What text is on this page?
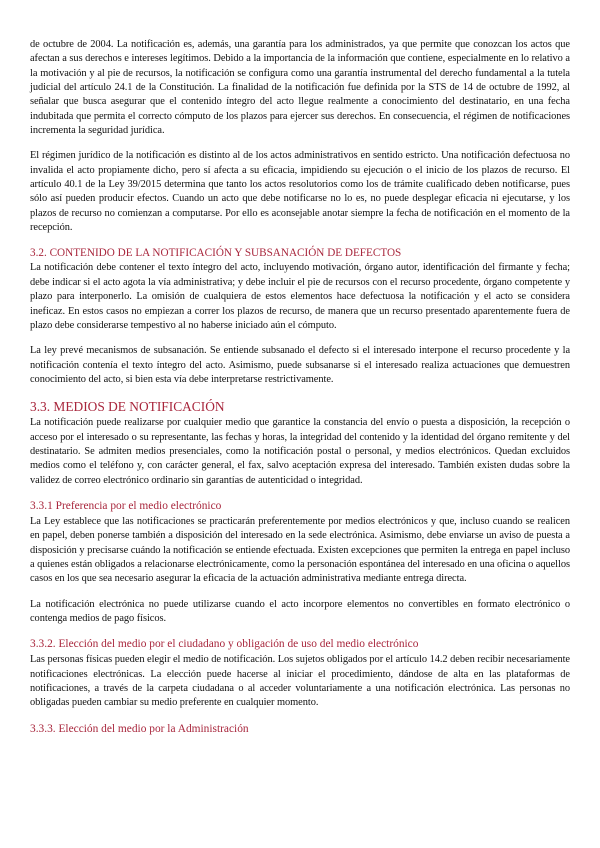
de octubre de 2004. La notificación es, además, una garantía para los administrados, ya que permite que conozcan los actos que afectan a sus derechos e intereses legítimos. Debido a la importancia de la información que contiene, especialmente en lo relativo a la motivación y al pie de recursos, la notificación se configura como una garantía instrumental del derecho fundamental a la tutela judicial del artículo 24.1 de la Constitución. La finalidad de la notificación fue definida por la STS de 14 de octubre de 1992, al señalar que busca asegurar que el contenido íntegro del acto llegue realmente a conocimiento del destinatario, en una fecha indubitada que permita el correcto cómputo de los plazos para ejercer sus derechos. En consecuencia, el régimen de notificaciones incrementa la seguridad jurídica.

El régimen jurídico de la notificación es distinto al de los actos administrativos en sentido estricto. Una notificación defectuosa no invalida el acto propiamente dicho, pero sí afecta a su eficacia, impidiendo su ejecución o el inicio de los plazos de recurso. El artículo 40.1 de la Ley 39/2015 determina que tanto los actos resolutorios como los de trámite cualificado deben notificarse, pues sólo así pueden producir efectos. Cuando un acto que debe notificarse no lo es, no puede desplegar eficacia ni ejecutarse, y los plazos de recurso no comienzan a computarse. Por ello es aconsejable anotar siempre la fecha de notificación en el momento de la recepción.

3.2. CONTENIDO DE LA NOTIFICACIÓN Y SUBSANACIÓN DE DEFECTOS

La notificación debe contener el texto íntegro del acto, incluyendo motivación, órgano autor, identificación del firmante y fecha; debe indicar si el acto agota la vía administrativa; y debe incluir el pie de recursos con el recurso procedente, órgano competente y plazo para interponerlo. La omisión de cualquiera de estos elementos hace defectuosa la notificación y el acto se considera ineficaz. En estos casos no empiezan a correr los plazos de recurso, de manera que un recurso presentado aparentemente fuera de plazo debe considerarse tempestivo al no haberse iniciado aún el cómputo.

La ley prevé mecanismos de subsanación. Se entiende subsanado el defecto si el interesado interpone el recurso procedente y la notificación contenía el texto íntegro del acto. Asimismo, puede subsanarse si el interesado realiza actuaciones que demuestren conocimiento del acto, si bien esta vía debe interpretarse restrictivamente.

3.3. MEDIOS DE NOTIFICACIÓN

La notificación puede realizarse por cualquier medio que garantice la constancia del envío o puesta a disposición, la recepción o acceso por el interesado o su representante, las fechas y horas, la integridad del contenido y la identidad del órgano remitente y del destinatario. Se admiten medios presenciales, como la notificación postal o personal, y medios electrónicos. Quedan excluidos medios como el teléfono y, con carácter general, el fax, salvo aceptación expresa del interesado. También existen dudas sobre la validez de correo electrónico ordinario sin garantías de autenticidad o integridad.

3.3.1 Preferencia por el medio electrónico

La Ley establece que las notificaciones se practicarán preferentemente por medios electrónicos y que, incluso cuando se realicen en papel, deben ponerse también a disposición del interesado en la sede electrónica. Asimismo, debe enviarse un aviso de puesta a disposición y precisarse cuándo la notificación se entiende efectuada. Existen excepciones que permiten la entrega en papel incluso a quienes están obligados a relacionarse electrónicamente, como la personación espontánea del interesado en una oficina o aquellos casos en los que sea necesario asegurar la eficacia de la actuación administrativa mediante entrega directa.

La notificación electrónica no puede utilizarse cuando el acto incorpore elementos no convertibles en formato electrónico o contenga medios de pago físicos.

3.3.2. Elección del medio por el ciudadano y obligación de uso del medio electrónico

Las personas físicas pueden elegir el medio de notificación. Los sujetos obligados por el artículo 14.2 deben recibir necesariamente notificaciones electrónicas. La elección puede hacerse al iniciar el procedimiento, dándose de alta en las plataformas de notificaciones, a través de la carpeta ciudadana o al acceder voluntariamente a una notificación electrónica. Las personas no obligadas pueden cambiar su medio preferente en cualquier momento.

3.3.3. Elección del medio por la Administración
